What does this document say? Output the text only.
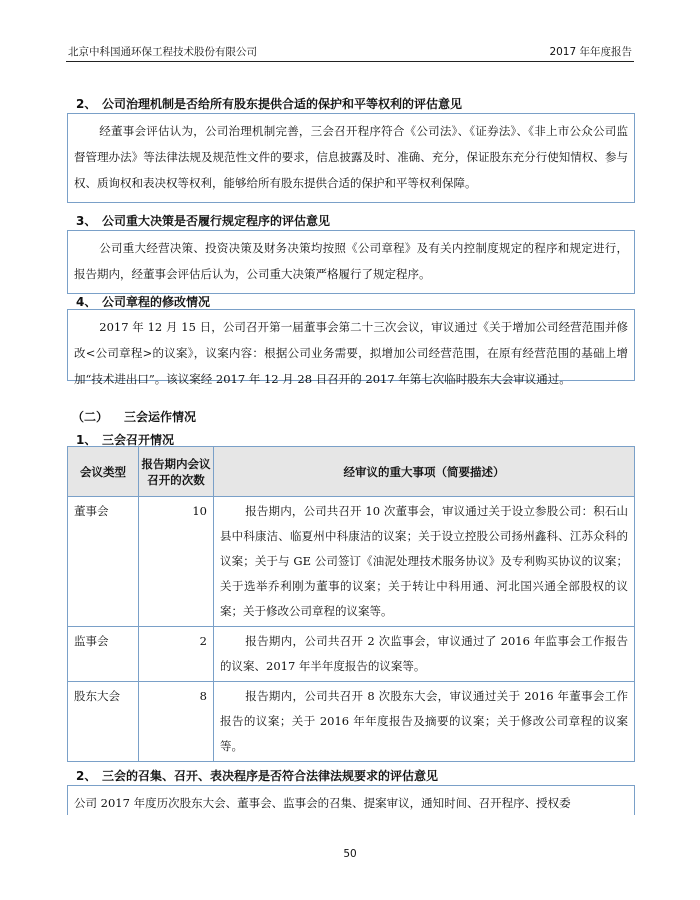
北京中科国通环保工程技术股份有限公司	2017 年年度报告
2、 公司治理机制是否给所有股东提供合适的保护和平等权利的评估意见
经董事会评估认为，公司治理机制完善，三会召开程序符合《公司法》、《证券法》、《非上市公众公司监督管理办法》等法律法规及规范性文件的要求，信息披露及时、准确、充分，保证股东充分行使知情权、参与权、质询权和表决权等权利，能够给所有股东提供合适的保护和平等权利保障。
3、 公司重大决策是否履行规定程序的评估意见
公司重大经营决策、投资决策及财务决策均按照《公司章程》及有关内控制度规定的程序和规定进行，报告期内，经董事会评估后认为，公司重大决策严格履行了规定程序。
4、 公司章程的修改情况
2017 年 12 月 15 日，公司召开第一届董事会第二十三次会议，审议通过《关于增加公司经营范围并修改<公司章程>的议案》，议案内容：根据公司业务需要，拟增加公司经营范围，在原有经营范围的基础上增加“技术进出口”。该议案经 2017 年 12 月 28 日召开的 2017 年第七次临时股东大会审议通过。
（二） 三会运作情况
1、 三会召开情况
会议类型	报告期内会议召开的次数	经审议的重大事项（简要描述）
董事会	10	报告期内，公司共召开 10 次董事会，审议通过关于设立参股公司：积石山县中科康洁、临夏州中科康洁的议案；关于设立控股公司扬州鑫科、江苏众科的议案；关于与 GE 公司签订《油泥处理技术服务协议》及专利购买协议的议案；关于选举乔利刚为董事的议案；关于转让中科用通、河北国兴通全部股权的议案；关于修改公司章程的议案等。
监事会	2	报告期内，公司共召开 2 次监事会，审议通过了 2016 年监事会工作报告的议案、2017 年半年度报告的议案等。
股东大会	8	报告期内，公司共召开 8 次股东大会，审议通过关于 2016 年董事会工作报告的议案；关于 2016 年年度报告及摘要的议案；关于修改公司章程的议案等。
2、 三会的召集、召开、表决程序是否符合法律法规要求的评估意见
公司 2017 年度历次股东大会、董事会、监事会的召集、提案审议，通知时间、召开程序、授权委
50
